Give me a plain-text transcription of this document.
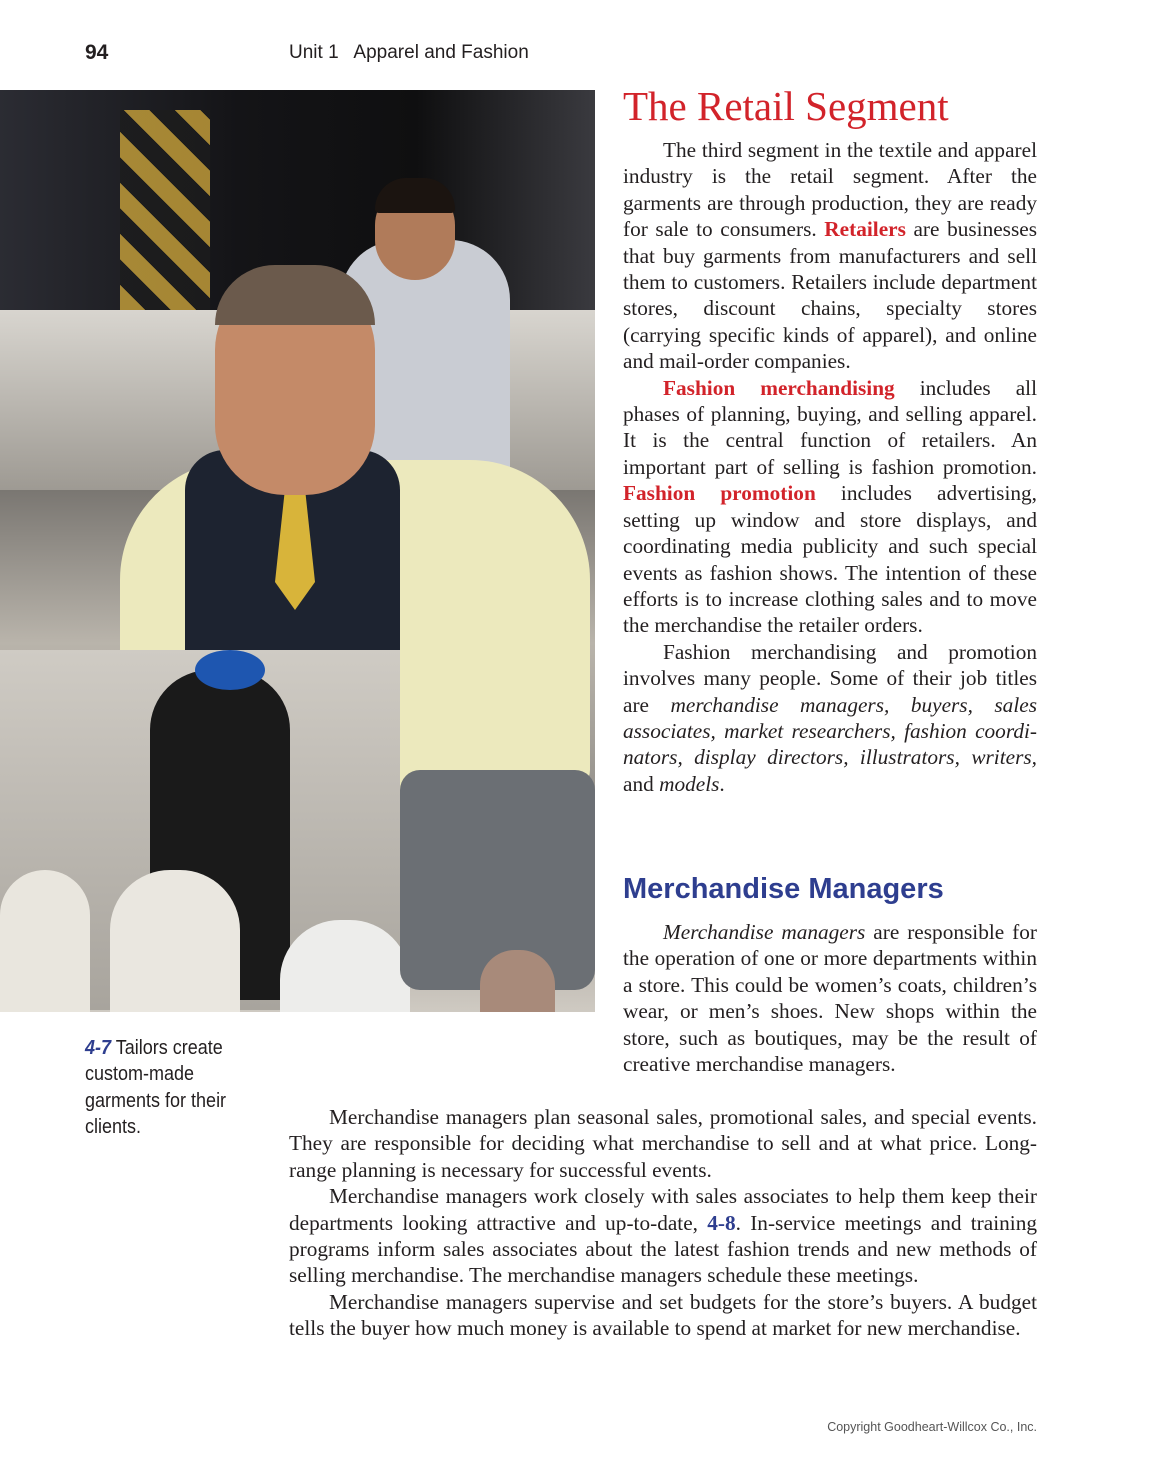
94	Unit 1   Apparel and Fashion
4-7 Tailors create custom-made garments for their clients.
The Retail Segment

The third segment in the textile and apparel industry is the retail segment. After the garments are through production, they are ready for sale to consumers. Retailers are businesses that buy garments from manufacturers and sell them to customers. Retailers include department stores, discount chains, specialty stores (carrying specific kinds of apparel), and online and mail-order companies.

Fashion merchandising includes all phases of planning, buying, and selling apparel. It is the central function of retailers. An important part of selling is fashion promotion. Fashion promotion includes advertising, setting up window and store displays, and coordinating media publicity and such special events as fashion shows. The intention of these efforts is to increase clothing sales and to move the merchandise the retailer orders.

Fashion merchandising and promotion involves many people. Some of their job titles are merchandise managers, buyers, sales associates, market researchers, fashion coordinators, display directors, illustrators, writers, and models.

Merchandise Managers

Merchandise managers are responsible for the operation of one or more departments within a store. This could be women’s coats, children’s wear, or men’s shoes. New shops within the store, such as boutiques, may be the result of creative merchandise managers.

Merchandise managers plan seasonal sales, promotional sales, and special events. They are responsible for deciding what merchandise to sell and at what price. Long-range planning is necessary for successful events.

Merchandise managers work closely with sales associates to help them keep their departments looking attractive and up-to-date, 4-8. In-service meetings and training programs inform sales associates about the latest fashion trends and new methods of selling merchandise. The merchandise managers schedule these meetings.

Merchandise managers supervise and set budgets for the store’s buyers. A budget tells the buyer how much money is available to spend at market for new merchandise.

Copyright Goodheart-Willcox Co., Inc.
